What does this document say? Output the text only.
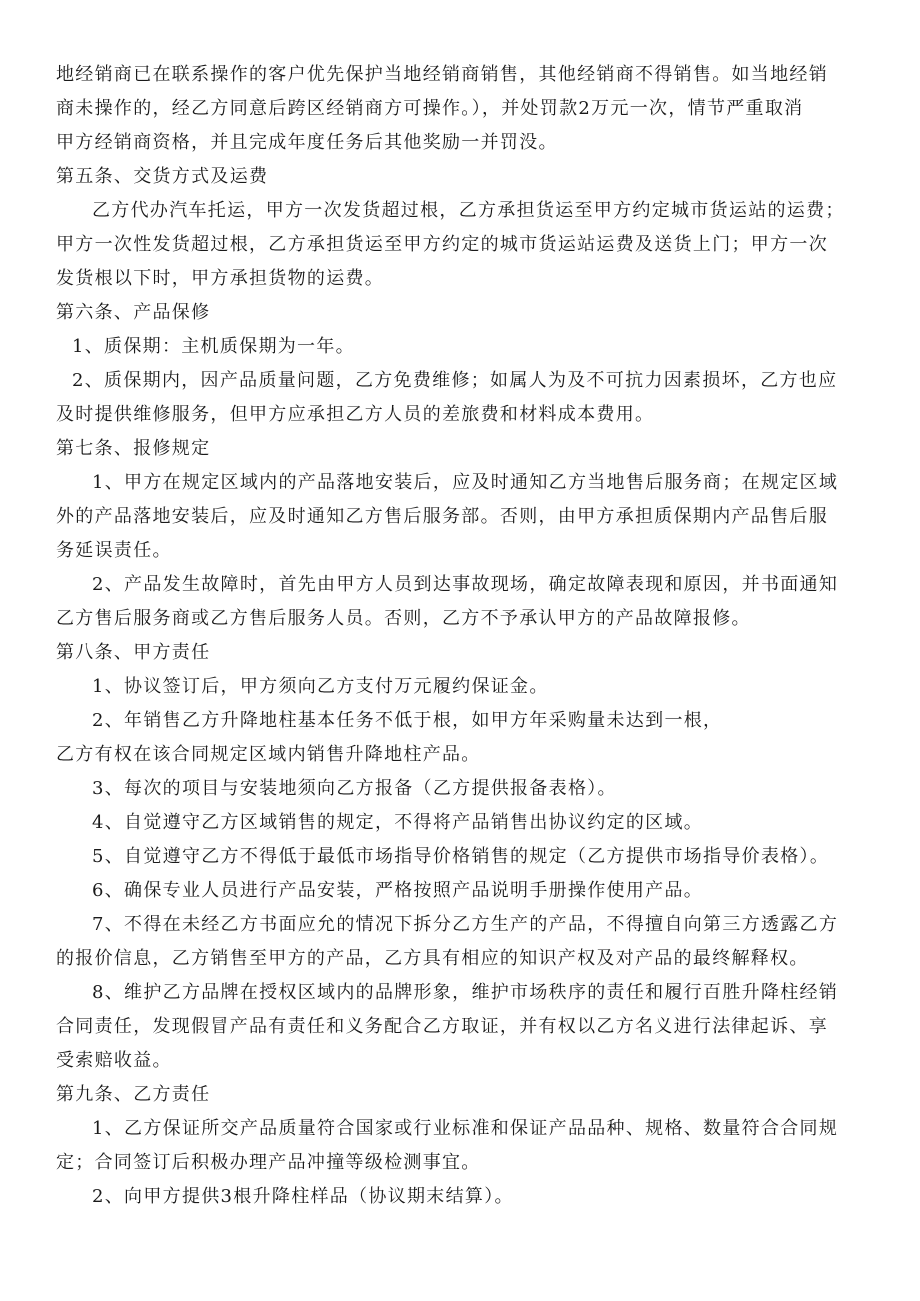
地经销商已在联系操作的客户优先保护当地经销商销售，其他经销商不得销售。如当地经销
商未操作的，经乙方同意后跨区经销商方可操作。），并处罚款2万元一次，情节严重取消
甲方经销商资格，并且完成年度任务后其他奖励一并罚没。
第五条、交货方式及运费
乙方代办汽车托运，甲方一次发货超过根，乙方承担货运至甲方约定城市货运站的运费；
甲方一次性发货超过根，乙方承担货运至甲方约定的城市货运站运费及送货上门；甲方一次
发货根以下时，甲方承担货物的运费。
第六条、产品保修
1、质保期：主机质保期为一年。
2、质保期内，因产品质量问题，乙方免费维修；如属人为及不可抗力因素损坏，乙方也应
及时提供维修服务，但甲方应承担乙方人员的差旅费和材料成本费用。
第七条、报修规定
1、甲方在规定区域内的产品落地安装后，应及时通知乙方当地售后服务商；在规定区域
外的产品落地安装后，应及时通知乙方售后服务部。否则，由甲方承担质保期内产品售后服
务延误责任。
2、产品发生故障时，首先由甲方人员到达事故现场，确定故障表现和原因，并书面通知
乙方售后服务商或乙方售后服务人员。否则，乙方不予承认甲方的产品故障报修。
第八条、甲方责任
1、协议签订后，甲方须向乙方支付万元履约保证金。
2、年销售乙方升降地柱基本任务不低于根，如甲方年采购量未达到一根，
乙方有权在该合同规定区域内销售升降地柱产品。
3、每次的项目与安装地须向乙方报备（乙方提供报备表格）。
4、自觉遵守乙方区域销售的规定，不得将产品销售出协议约定的区域。
5、自觉遵守乙方不得低于最低市场指导价格销售的规定（乙方提供市场指导价表格）。
6、确保专业人员进行产品安装，严格按照产品说明手册操作使用产品。
7、不得在未经乙方书面应允的情况下拆分乙方生产的产品，不得擅自向第三方透露乙方
的报价信息，乙方销售至甲方的产品，乙方具有相应的知识产权及对产品的最终解释权。
8、维护乙方品牌在授权区域内的品牌形象，维护市场秩序的责任和履行百胜升降柱经销
合同责任，发现假冒产品有责任和义务配合乙方取证，并有权以乙方名义进行法律起诉、享
受索赔收益。
第九条、乙方责任
1、乙方保证所交产品质量符合国家或行业标准和保证产品品种、规格、数量符合合同规
定；合同签订后积极办理产品冲撞等级检测事宜。
2、向甲方提供3根升降柱样品（协议期末结算）。
